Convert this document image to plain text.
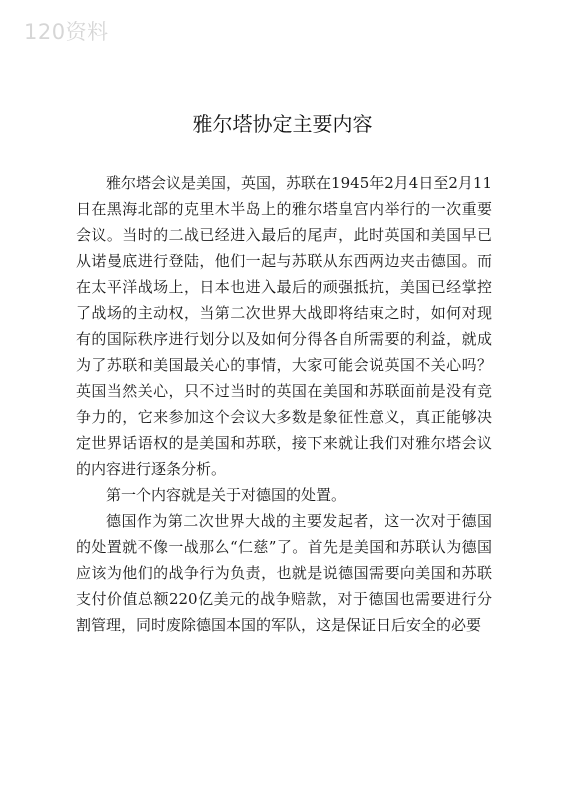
120资料
雅尔塔协定主要内容

雅尔塔会议是美国，英国，苏联在1945年2月4日至2月11日在黑海北部的克里木半岛上的雅尔塔皇宫内举行的一次重要会议。当时的二战已经进入最后的尾声，此时英国和美国早已从诺曼底进行登陆，他们一起与苏联从东西两边夹击德国。而在太平洋战场上，日本也进入最后的顽强抵抗，美国已经掌控了战场的主动权，当第二次世界大战即将结束之时，如何对现有的国际秩序进行划分以及如何分得各自所需要的利益，就成为了苏联和美国最关心的事情，大家可能会说英国不关心吗？英国当然关心，只不过当时的英国在美国和苏联面前是没有竞争力的，它来参加这个会议大多数是象征性意义，真正能够决定世界话语权的是美国和苏联，接下来就让我们对雅尔塔会议的内容进行逐条分析。

第一个内容就是关于对德国的处置。

德国作为第二次世界大战的主要发起者，这一次对于德国的处置就不像一战那么“仁慈”了。首先是美国和苏联认为德国应该为他们的战争行为负责，也就是说德国需要向美国和苏联支付价值总额220亿美元的战争赔款，对于德国也需要进行分割管理，同时废除德国本国的军队，这是保证日后安全的必要
